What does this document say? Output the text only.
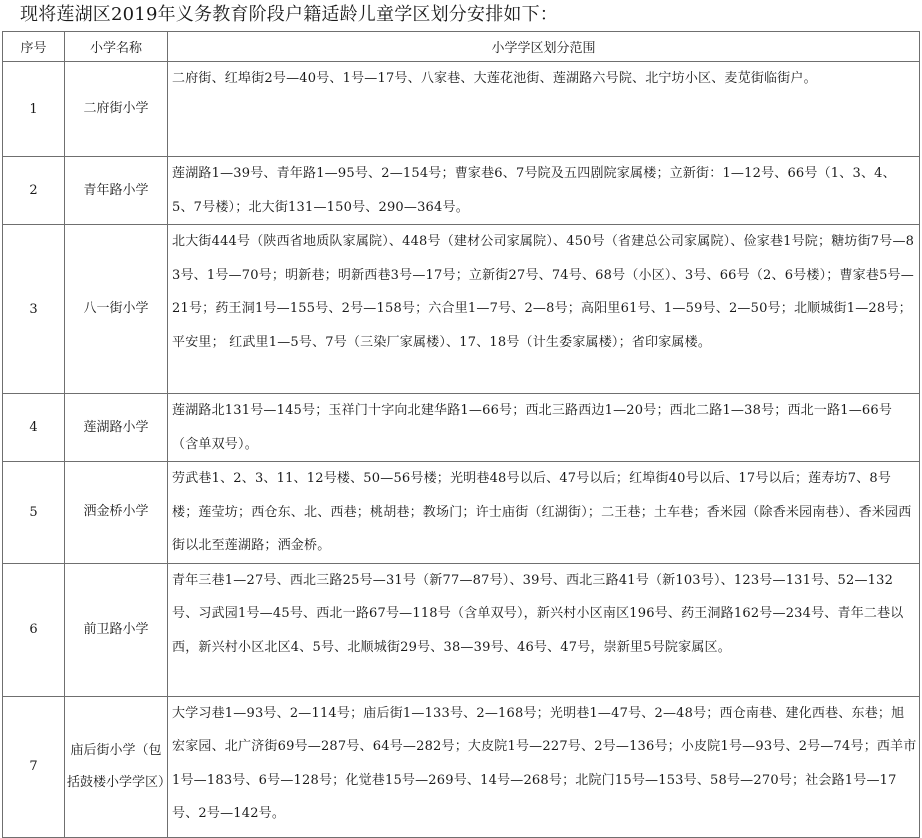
现将莲湖区2019年义务教育阶段户籍适龄儿童学区划分安排如下：
序号	小学名称	小学学区划分范围
1	二府街小学	二府街、红埠街2号—40号、1号—17号、八家巷、大莲花池街、莲湖路六号院、北宁坊小区、麦苋街临街户。
2	青年路小学	莲湖路1—39号、青年路1—95号、2—154号；曹家巷6、7号院及五四剧院家属楼；立新街：1—12号、66号（1、3、4、5、7号楼）；北大街131—150号、290—364号。
3	八一街小学	北大街444号（陕西省地质队家属院）、448号（建材公司家属院）、450号（省建总公司家属院）、俭家巷1号院；糖坊街7号—83号、1号—70号；明新巷；明新西巷3号—17号；立新街27号、74号、68号（小区）、3号、66号（2、6号楼）；曹家巷5号—21号；药王洞1号—155号、2号—158号；六合里1—7号、2—8号；高阳里61号、1—59号、2—50号；北顺城街1—28号；平安里； 红武里1—5号、7号（三染厂家属楼）、17、18号（计生委家属楼）；省印家属楼。
4	莲湖路小学	莲湖路北131号—145号；玉祥门十字向北建华路1—66号；西北三路西边1—20号；西北二路1—38号；西北一路1—66号（含单双号）。
5	洒金桥小学	劳武巷1、2、3、11、12号楼、50—56号楼；光明巷48号以后、47号以后；红埠街40号以后、17号以后；莲寿坊7、8号楼；莲莹坊；西仓东、北、西巷；桃胡巷；教场门；许士庙街（红湖街）；二王巷；土车巷；香米园（除香米园南巷）、香米园西街以北至莲湖路；洒金桥。
6	前卫路小学	青年三巷1—27号、西北三路25号—31号（新77—87号）、39号、西北三路41号（新103号）、123号—131号、52—132号、习武园1号—45号、西北一路67号—118号（含单双号），新兴村小区南区196号、药王洞路162号—234号、青年二巷以西，新兴村小区北区4、5号、北顺城街29号、38—39号、46号、47号，崇新里5号院家属区。
7	庙后街小学（包括鼓楼小学学区）	大学习巷1—93号、2—114号；庙后街1—133号、2—168号；光明巷1—47号、2—48号；西仓南巷、建化西巷、东巷；旭宏家园、北广济街69号—287号、64号—282号；大皮院1号—227号、2号—136号；小皮院1号—93号、2号—74号；西羊市1号—183号、6号—128号；化觉巷15号—269号、14号—268号；北院门15号—153号、58号—270号；社会路1号—17号、2号—142号。
